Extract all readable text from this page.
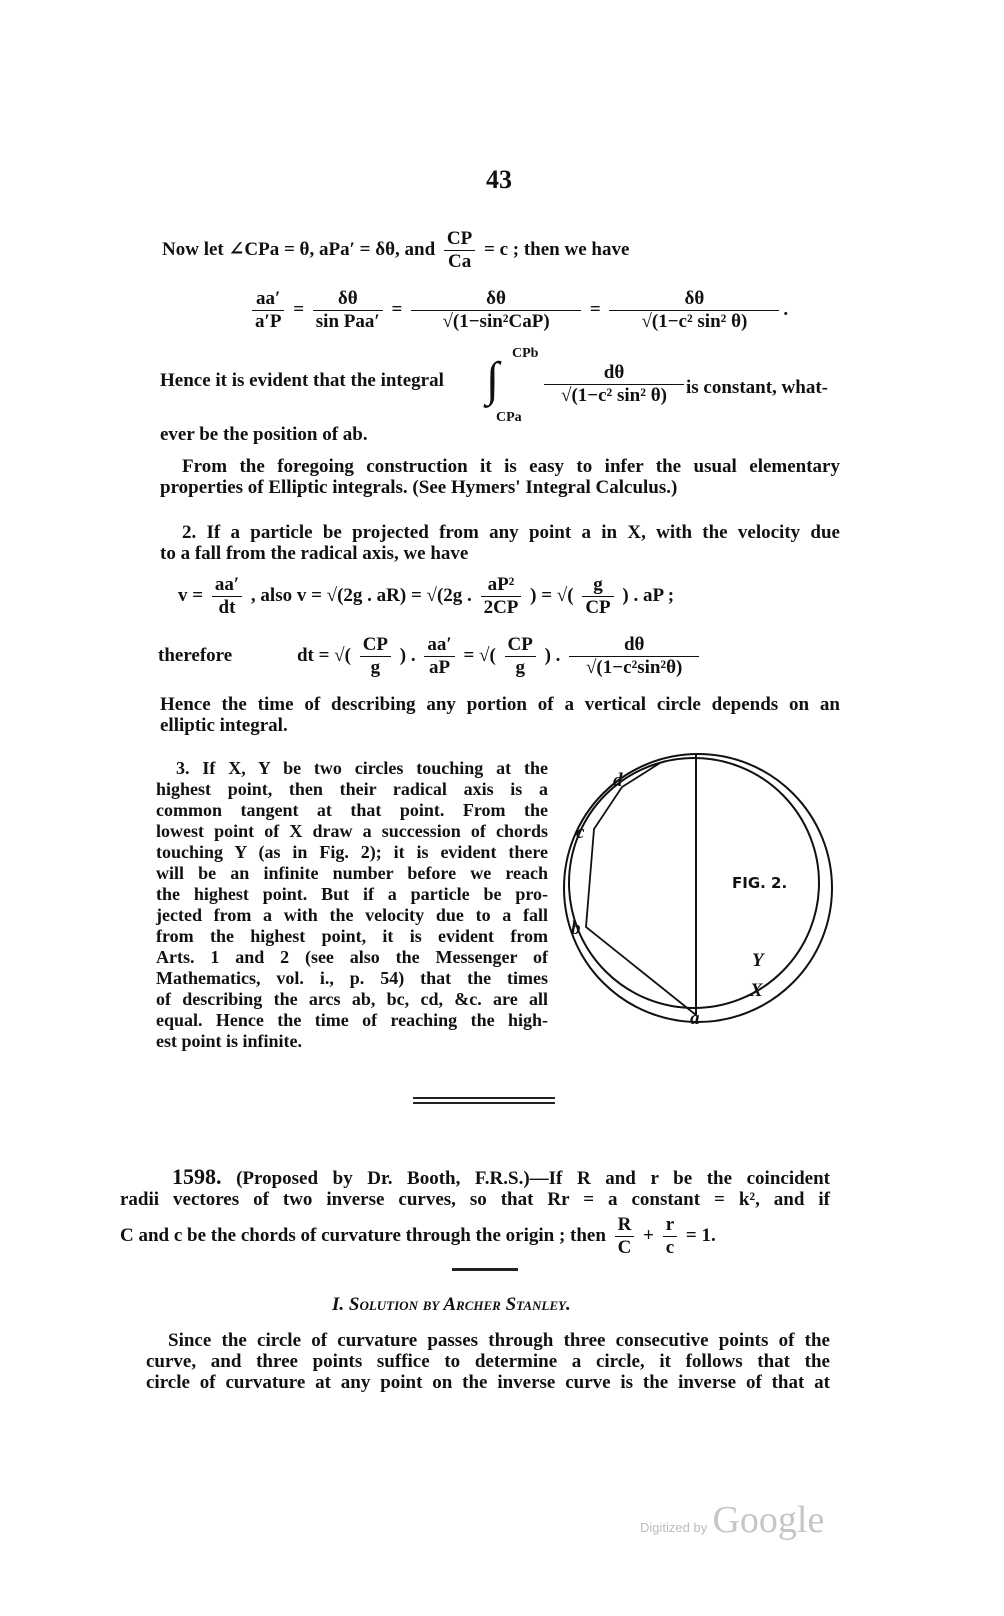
43
Now let ∠CPa = θ, aPa′ = δθ, and $\frac{CP}{Ca} = c$ ; then we have
$\frac{aa'}{a'P} = \frac{\delta\theta}{\text{sin Paa′}} = \frac{\delta\theta}{\text{√(1−sin²CaP)}} = \frac{\delta\theta}{\text{√(1−c² sin² θ)}}$ .
Hence it is evident that the integral
CPb
∫
CPa
$\frac{d\theta}{\text{√(1−c² sin² θ)}}$ is constant, what-
ever be the position of ab.
From the foregoing construction it is easy to infer the usual elementary
properties of Elliptic integrals. (See Hymers' Integral Calculus.)
2. If a particle be projected from any point a in X, with the velocity due
to a fall from the radical axis, we have
$v = \frac{aa'}{dt}$ , also v = √(2g . aR) = √(2g . $\frac{\text{aP²}}{2CP}$ ) = √( $\frac{g}{CP}$ ) . aP ;
therefore	dt = √( $\frac{CP}{g}$ ) . $\frac{aa'}{aP}$ = √( $\frac{CP}{g}$ ) . $\frac{d\theta}{\text{√(1−c²sin²θ)}}$
Hence the time of describing any portion of a vertical circle depends on an
elliptic integral.
3. If X, Y be two circles touching at the
highest point, then their radical axis is a
common tangent at that point. From the
lowest point of X draw a succession of chords
touching Y (as in Fig. 2); it is evident there
will be an infinite number before we reach
the highest point. But if a particle be pro-
jected from a with the velocity due to a fall
from the highest point, it is evident from
Arts. 1 and 2 (see also the Messenger of
Mathematics, vol. i., p. 54) that the times
of describing the arcs ab, bc, cd, &c. are all
equal. Hence the time of reaching the high-
est point is infinite.
FIG. 2.
a
b
c
d
X
Y
1598. (Proposed by Dr. Booth, F.R.S.)—If R and r be the coincident
radii vectores of two inverse curves, so that Rr = a constant = k², and if
C and c be the chords of curvature through the origin ; then $\frac{R}{C} + \frac{r}{c} = 1$.
I. Solution by Archer Stanley.
Since the circle of curvature passes through three consecutive points of the
curve, and three points suffice to determine a circle, it follows that the
circle of curvature at any point on the inverse curve is the inverse of that at
Digitized by Google
